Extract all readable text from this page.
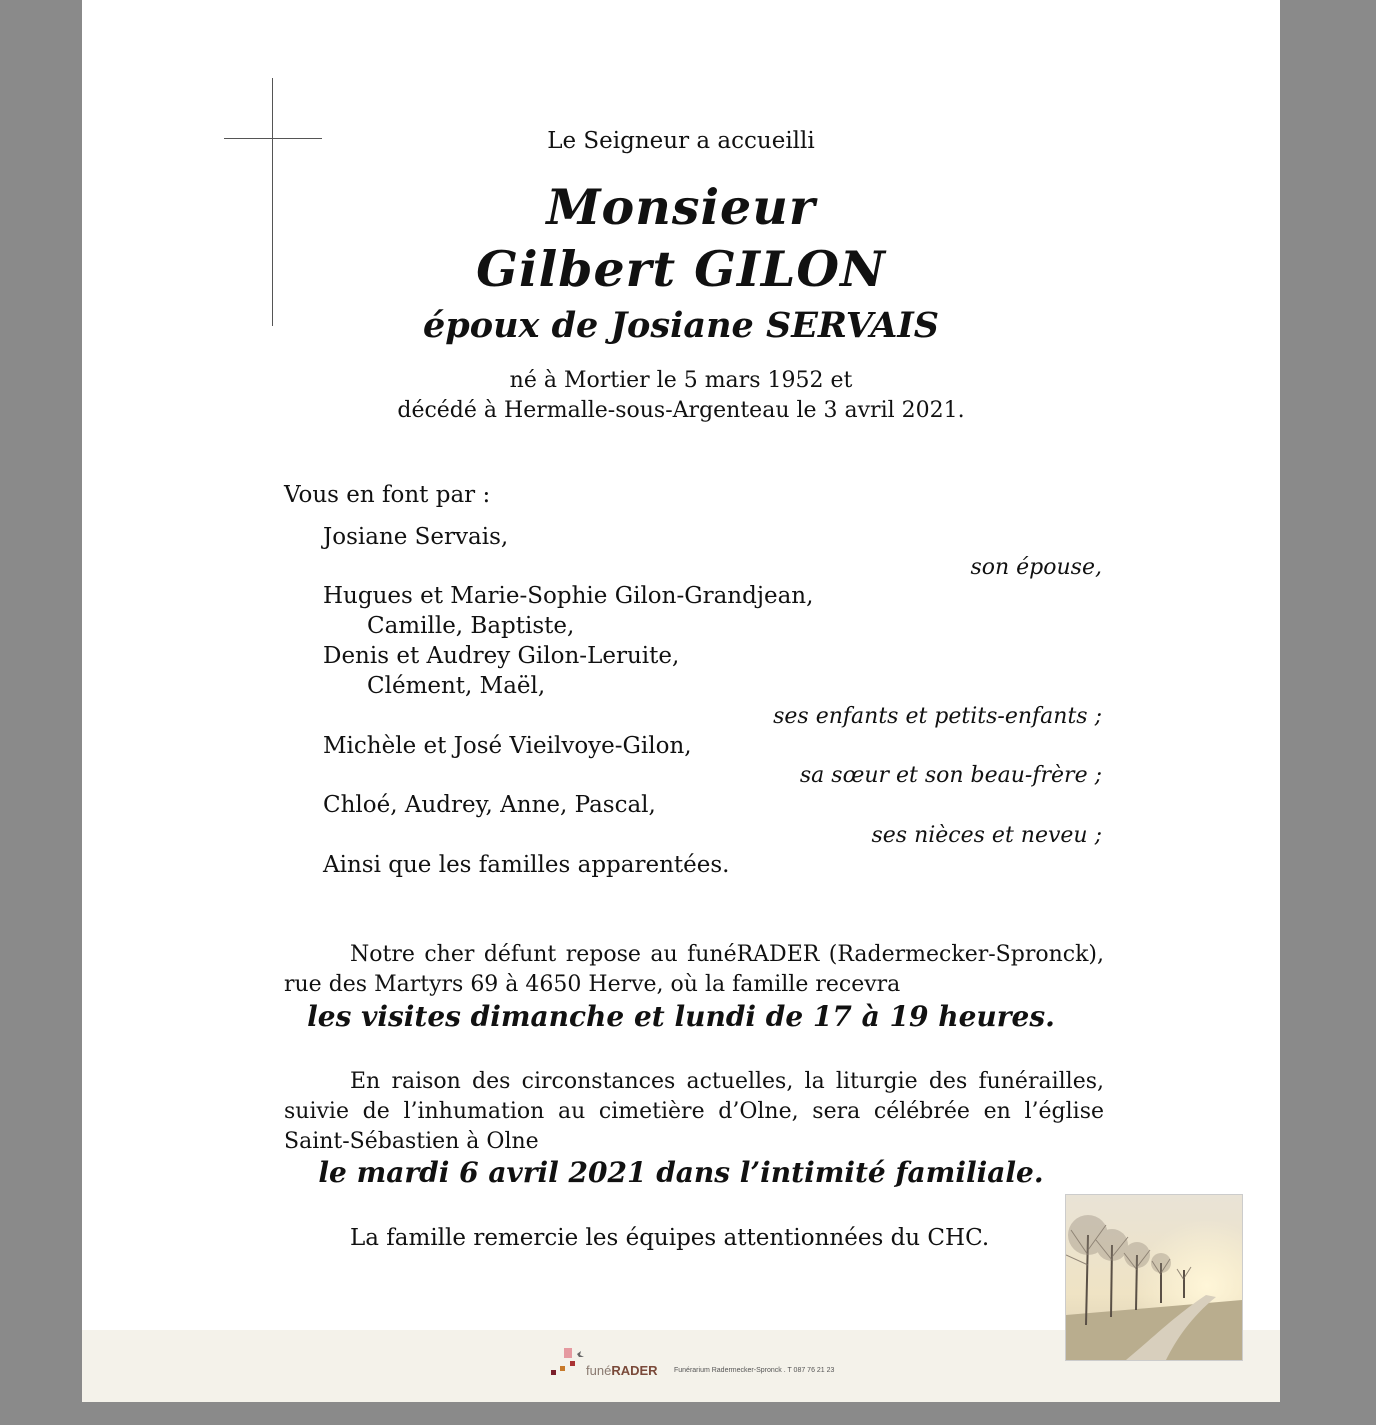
Le Seigneur a accueilli
Monsieur
Gilbert GILON
époux de Josiane SERVAIS
né à Mortier le 5 mars 1952 et
décédé à Hermalle-sous-Argenteau le 3 avril 2021.
Vous en font par :
Josiane Servais,
son épouse,
Hugues et Marie-Sophie Gilon-Grandjean,
Camille, Baptiste,
Denis et Audrey Gilon-Leruite,
Clément, Maël,
ses enfants et petits-enfants ;
Michèle et José Vieilvoye-Gilon,
sa sœur et son beau-frère ;
Chloé, Audrey, Anne, Pascal,
ses nièces et neveu ;
Ainsi que les familles apparentées.
Notre cher défunt repose au funéRADER (Radermecker-Spronck), rue des Martyrs 69 à 4650 Herve, où la famille recevra
les visites dimanche et lundi de 17 à 19 heures.
En raison des circonstances actuelles, la liturgie des funérailles, suivie de l’inhumation au cimetière d’Olne, sera célébrée en l’église Saint-Sébastien à Olne
le mardi 6 avril 2021 dans l’intimité familiale.
La famille remercie les équipes attentionnées du CHC.
funéRADER Funérarium Radermecker-Spronck . T 087 76 21 23
